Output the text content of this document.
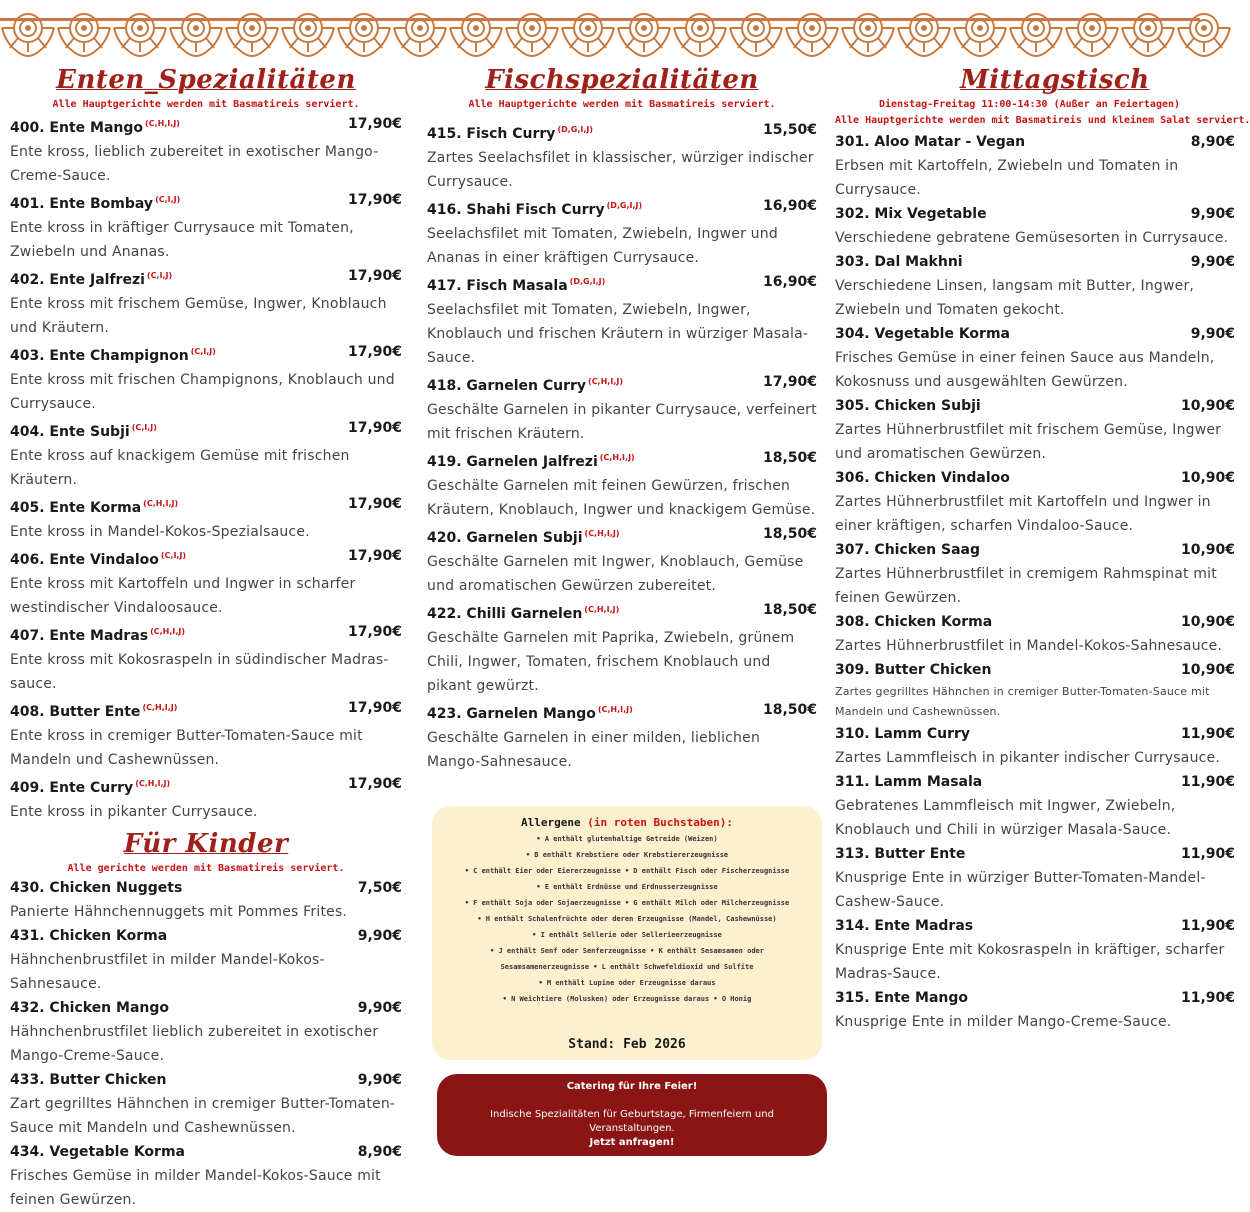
Enten_Spezialitäten
Alle Hauptgerichte werden mit Basmatireis serviert.
400. Ente Mango $^{(C,H,I,J)}$	17,90€
Ente kross, lieblich zubereitet in exotischer Mango-Creme-Sauce.
401. Ente Bombay $^{(C,I,J)}$	17,90€
Ente kross in kräftiger Currysauce mit Tomaten, Zwiebeln und Ananas.
402. Ente Jalfrezi $^{(C,I,J)}$	17,90€
Ente kross mit frischem Gemüse, Ingwer, Knoblauch und Kräutern.
403. Ente Champignon $^{(C,I,J)}$	17,90€
Ente kross mit frischen Champignons, Knoblauch und Currysauce.
404. Ente Subji $^{(C,I,J)}$	17,90€
Ente kross auf knackigem Gemüse mit frischen Kräutern.
405. Ente Korma $^{(C,H,I,J)}$	17,90€
Ente kross in Mandel-Kokos-Spezialsauce.
406. Ente Vindaloo $^{(C,I,J)}$	17,90€
Ente kross mit Kartoffeln und Ingwer in scharfer westindischer Vindaloosauce.
407. Ente Madras $^{(C,H,I,J)}$	17,90€
Ente kross mit Kokosraspeln in südindischer Madras-sauce.
408. Butter Ente $^{(C,H,I,J)}$	17,90€
Ente kross in cremiger Butter-Tomaten-Sauce mit Mandeln und Cashewnüssen.
409. Ente Curry $^{(C,H,I,J)}$	17,90€
Ente kross in pikanter Currysauce.
Für Kinder
Alle gerichte werden mit Basmatireis serviert.
430. Chicken Nuggets	7,50€
Panierte Hähnchennuggets mit Pommes Frites.
431. Chicken Korma	9,90€
Hähnchenbrustfilet in milder Mandel-Kokos-Sahnesauce.
432. Chicken Mango	9,90€
Hähnchenbrustfilet lieblich zubereitet in exotischer Mango-Creme-Sauce.
433. Butter Chicken	9,90€
Zart gegrilltes Hähnchen in cremiger Butter-Tomaten-Sauce mit Mandeln und Cashewnüssen.
434. Vegetable Korma	8,90€
Frisches Gemüse in milder Mandel-Kokos-Sauce mit feinen Gewürzen.
Fischspezialitäten
Alle Hauptgerichte werden mit Basmatireis serviert.
415. Fisch Curry $^{(D,G,I,J)}$	15,50€
Zartes Seelachsfilet in klassischer, würziger indischer Currysauce.
416. Shahi Fisch Curry $^{(D,G,I,J)}$	16,90€
Seelachsfilet mit Tomaten, Zwiebeln, Ingwer und Ananas in einer kräftigen Currysauce.
417. Fisch Masala $^{(D,G,I,J)}$	16,90€
Seelachsfilet mit Tomaten, Zwiebeln, Ingwer, Knoblauch und frischen Kräutern in würziger Masala-Sauce.
418. Garnelen Curry $^{(C,H,I,J)}$	17,90€
Geschälte Garnelen in pikanter Currysauce, verfeinert mit frischen Kräutern.
419. Garnelen Jalfrezi $^{(C,H,I,J)}$	18,50€
Geschälte Garnelen mit feinen Gewürzen, frischen Kräutern, Knoblauch, Ingwer und knackigem Gemüse.
420. Garnelen Subji $^{(C,H,I,J)}$	18,50€
Geschälte Garnelen mit Ingwer, Knoblauch, Gemüse und aromatischen Gewürzen zubereitet.
422. Chilli Garnelen $^{(C,H,I,J)}$	18,50€
Geschälte Garnelen mit Paprika, Zwiebeln, grünem Chili, Ingwer, Tomaten, frischem Knoblauch und pikant gewürzt.
423. Garnelen Mango $^{(C,H,I,J)}$	18,50€
Geschälte Garnelen in einer milden, lieblichen Mango-Sahnesauce.
Mittagstisch
Dienstag-Freitag 11:00-14:30 (Außer an Feiertagen)
Alle Hauptgerichte werden mit Basmatireis und kleinem Salat serviert.
301. Aloo Matar - Vegan	8,90€
Erbsen mit Kartoffeln, Zwiebeln und Tomaten in Currysauce.
302. Mix Vegetable	9,90€
Verschiedene gebratene Gemüsesorten in Currysauce.
303. Dal Makhni	9,90€
Verschiedene Linsen, langsam mit Butter, Ingwer, Zwiebeln und Tomaten gekocht.
304. Vegetable Korma	9,90€
Frisches Gemüse in einer feinen Sauce aus Mandeln, Kokosnuss und ausgewählten Gewürzen.
305. Chicken Subji	10,90€
Zartes Hühnerbrustfilet mit frischem Gemüse, Ingwer und aromatischen Gewürzen.
306. Chicken Vindaloo	10,90€
Zartes Hühnerbrustfilet mit Kartoffeln und Ingwer in einer kräftigen, scharfen Vindaloo-Sauce.
307. Chicken Saag	10,90€
Zartes Hühnerbrustfilet in cremigem Rahmspinat mit feinen Gewürzen.
308. Chicken Korma	10,90€
Zartes Hühnerbrustfilet in Mandel-Kokos-Sahnesauce.
309. Butter Chicken	10,90€
Zartes gegrilltes Hähnchen in cremiger Butter-Tomaten-Sauce mit Mandeln und Cashewnüssen.
310. Lamm Curry	11,90€
Zartes Lammfleisch in pikanter indischer Currysauce.
311. Lamm Masala	11,90€
Gebratenes Lammfleisch mit Ingwer, Zwiebeln, Knoblauch und Chili in würziger Masala-Sauce.
313. Butter Ente	11,90€
Knusprige Ente in würziger Butter-Tomaten-Mandel-Cashew-Sauce.
314. Ente Madras	11,90€
Knusprige Ente mit Kokosraspeln in kräftiger, scharfer Madras-Sauce.
315. Ente Mango	11,90€
Knusprige Ente in milder Mango-Creme-Sauce.
Allergene (in roten Buchstaben):
• A enthält glutenhaltige Getreide (Weizen)
• B enthält Krebstiere oder Krebstiererzeugnisse
• C enthält Eier oder Eiererzeugnisse • D enthält Fisch oder Fischerzeugnisse
• E enthält Erdnüsse und Erdnusserzeugnisse
• F enthält Soja oder Sojaerzeugnisse • G enthält Milch oder Milcherzeugnisse
• H enthält Schalenfrüchte oder deren Erzeugnisse (Mandel, Cashewnüsse)
• I enthält Sellerie oder Sellerieerzeugnisse
• J enthält Senf oder Senferzeugnisse • K enthält Sesamsamen oder
Sesamsamenerzeugnisse • L enthält Schwefeldioxid und Sulfite
• M enthält Lupine oder Erzeugnisse daraus
• N Weichtiere (Molusken) oder Erzeugnisse daraus • O Honig
Stand: Feb 2026
Catering für Ihre Feier!
Indische Spezialitäten für Geburtstage, Firmenfeiern und Veranstaltungen.
Jetzt anfragen!
